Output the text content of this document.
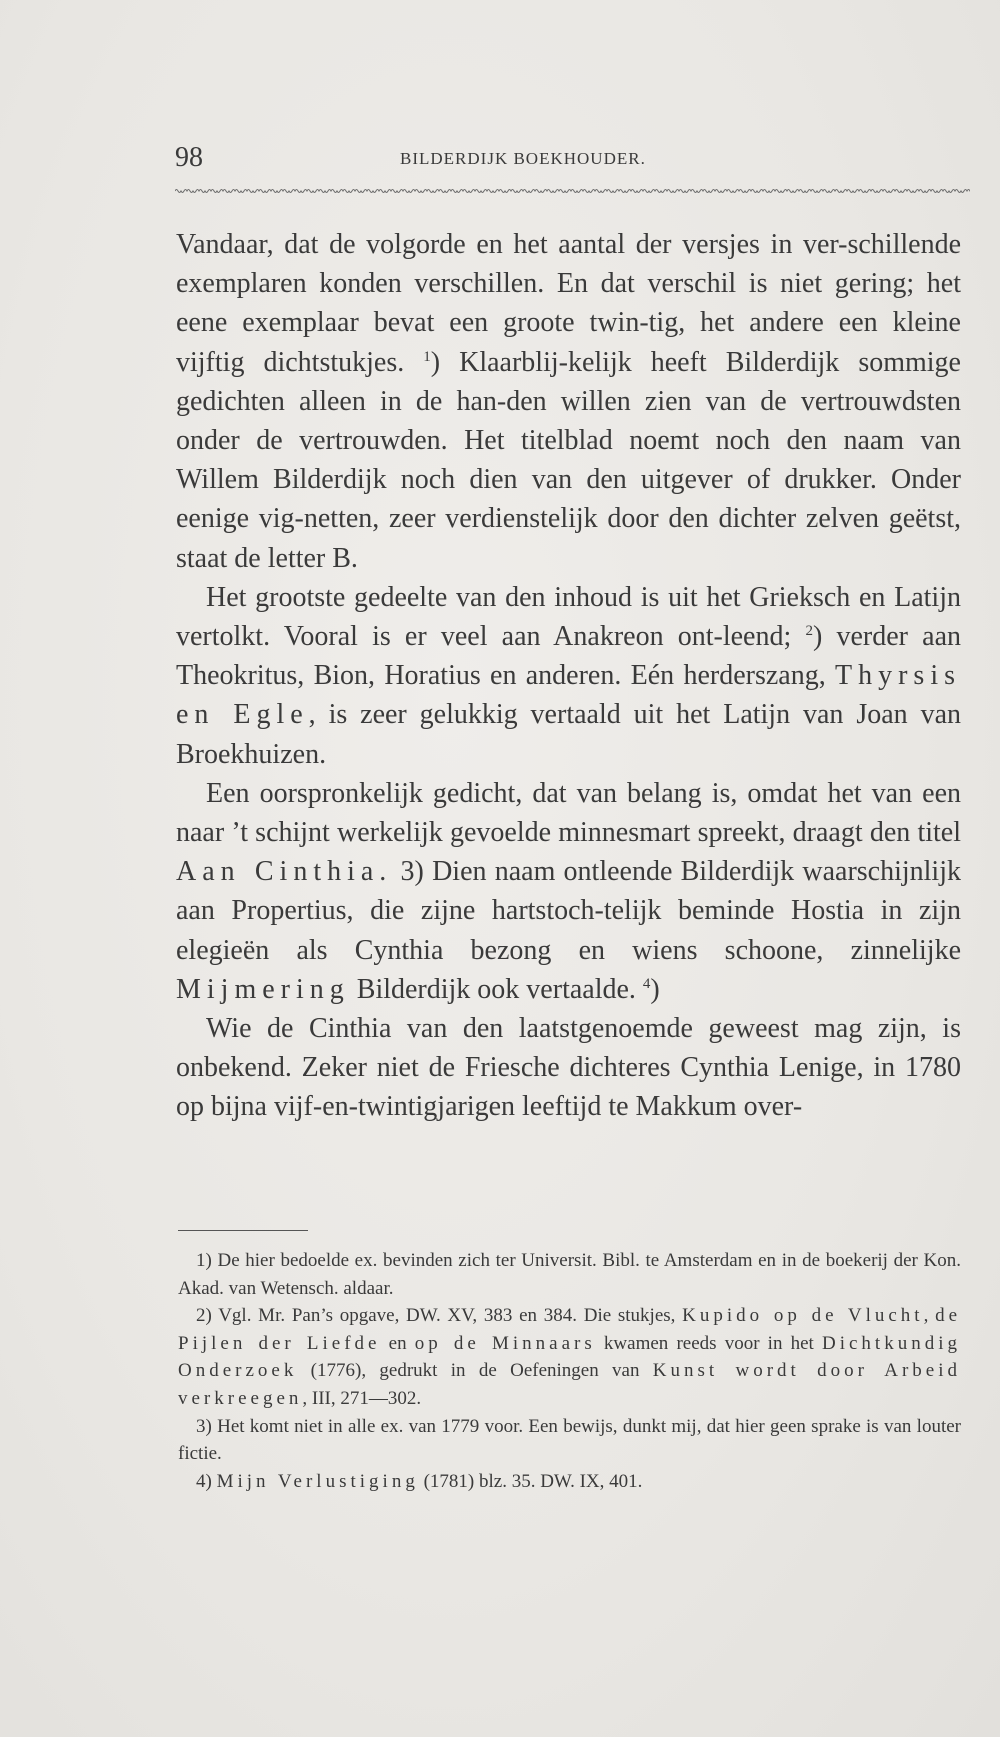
98	BILDERDIJK BOEKHOUDER.

Vandaar, dat de volgorde en het aantal der versjes in ver-schillende exemplaren konden verschillen. En dat verschil is niet gering; het eene exemplaar bevat een groote twin-tig, het andere een kleine vijftig dichtstukjes. $^1$) Klaarblij-kelijk heeft Bilderdijk sommige gedichten alleen in de han-den willen zien van de vertrouwdsten onder de vertrouwden. Het titelblad noemt noch den naam van Willem Bilderdijk noch dien van den uitgever of drukker. Onder eenige vig-netten, zeer verdienstelijk door den dichter zelven geëtst, staat de letter B.

Het grootste gedeelte van den inhoud is uit het Grieksch en Latijn vertolkt. Vooral is er veel aan Anakreon ont-leend; $^2$) verder aan Theokritus, Bion, Horatius en anderen. Eén herderszang, Thyrsis en Egle, is zeer gelukkig vertaald uit het Latijn van Joan van Broekhuizen.

Een oorspronkelijk gedicht, dat van belang is, omdat het van een naar ’t schijnt werkelijk gevoelde minnesmart spreekt, draagt den titel Aan Cinthia. 3) Dien naam ontleende Bilderdijk waarschijnlijk aan Propertius, die zijne hartstoch-telijk beminde Hostia in zijn elegieën als Cynthia bezong en wiens schoone, zinnelijke Mijmering Bilderdijk ook vertaalde. $^4$)

Wie de Cinthia van den laatstgenoemde geweest mag zijn, is onbekend. Zeker niet de Friesche dichteres Cynthia Lenige, in 1780 op bijna vijf-en-twintigjarigen leeftijd te Makkum over-

1) De hier bedoelde ex. bevinden zich ter Universit. Bibl. te Amsterdam en in de boekerij der Kon. Akad. van Wetensch. aldaar.

2) Vgl. Mr. Pan’s opgave, DW. XV, 383 en 384. Die stukjes, Kupido op de Vlucht, de Pijlen der Liefde en op de Minnaars kwamen reeds voor in het Dichtkundig Onderzoek (1776), gedrukt in de Oefeningen van Kunst wordt door Arbeid verkreegen, III, 271—302.

3) Het komt niet in alle ex. van 1779 voor. Een bewijs, dunkt mij, dat hier geen sprake is van louter fictie.

4) Mijn Verlustiging (1781) blz. 35. DW. IX, 401.
